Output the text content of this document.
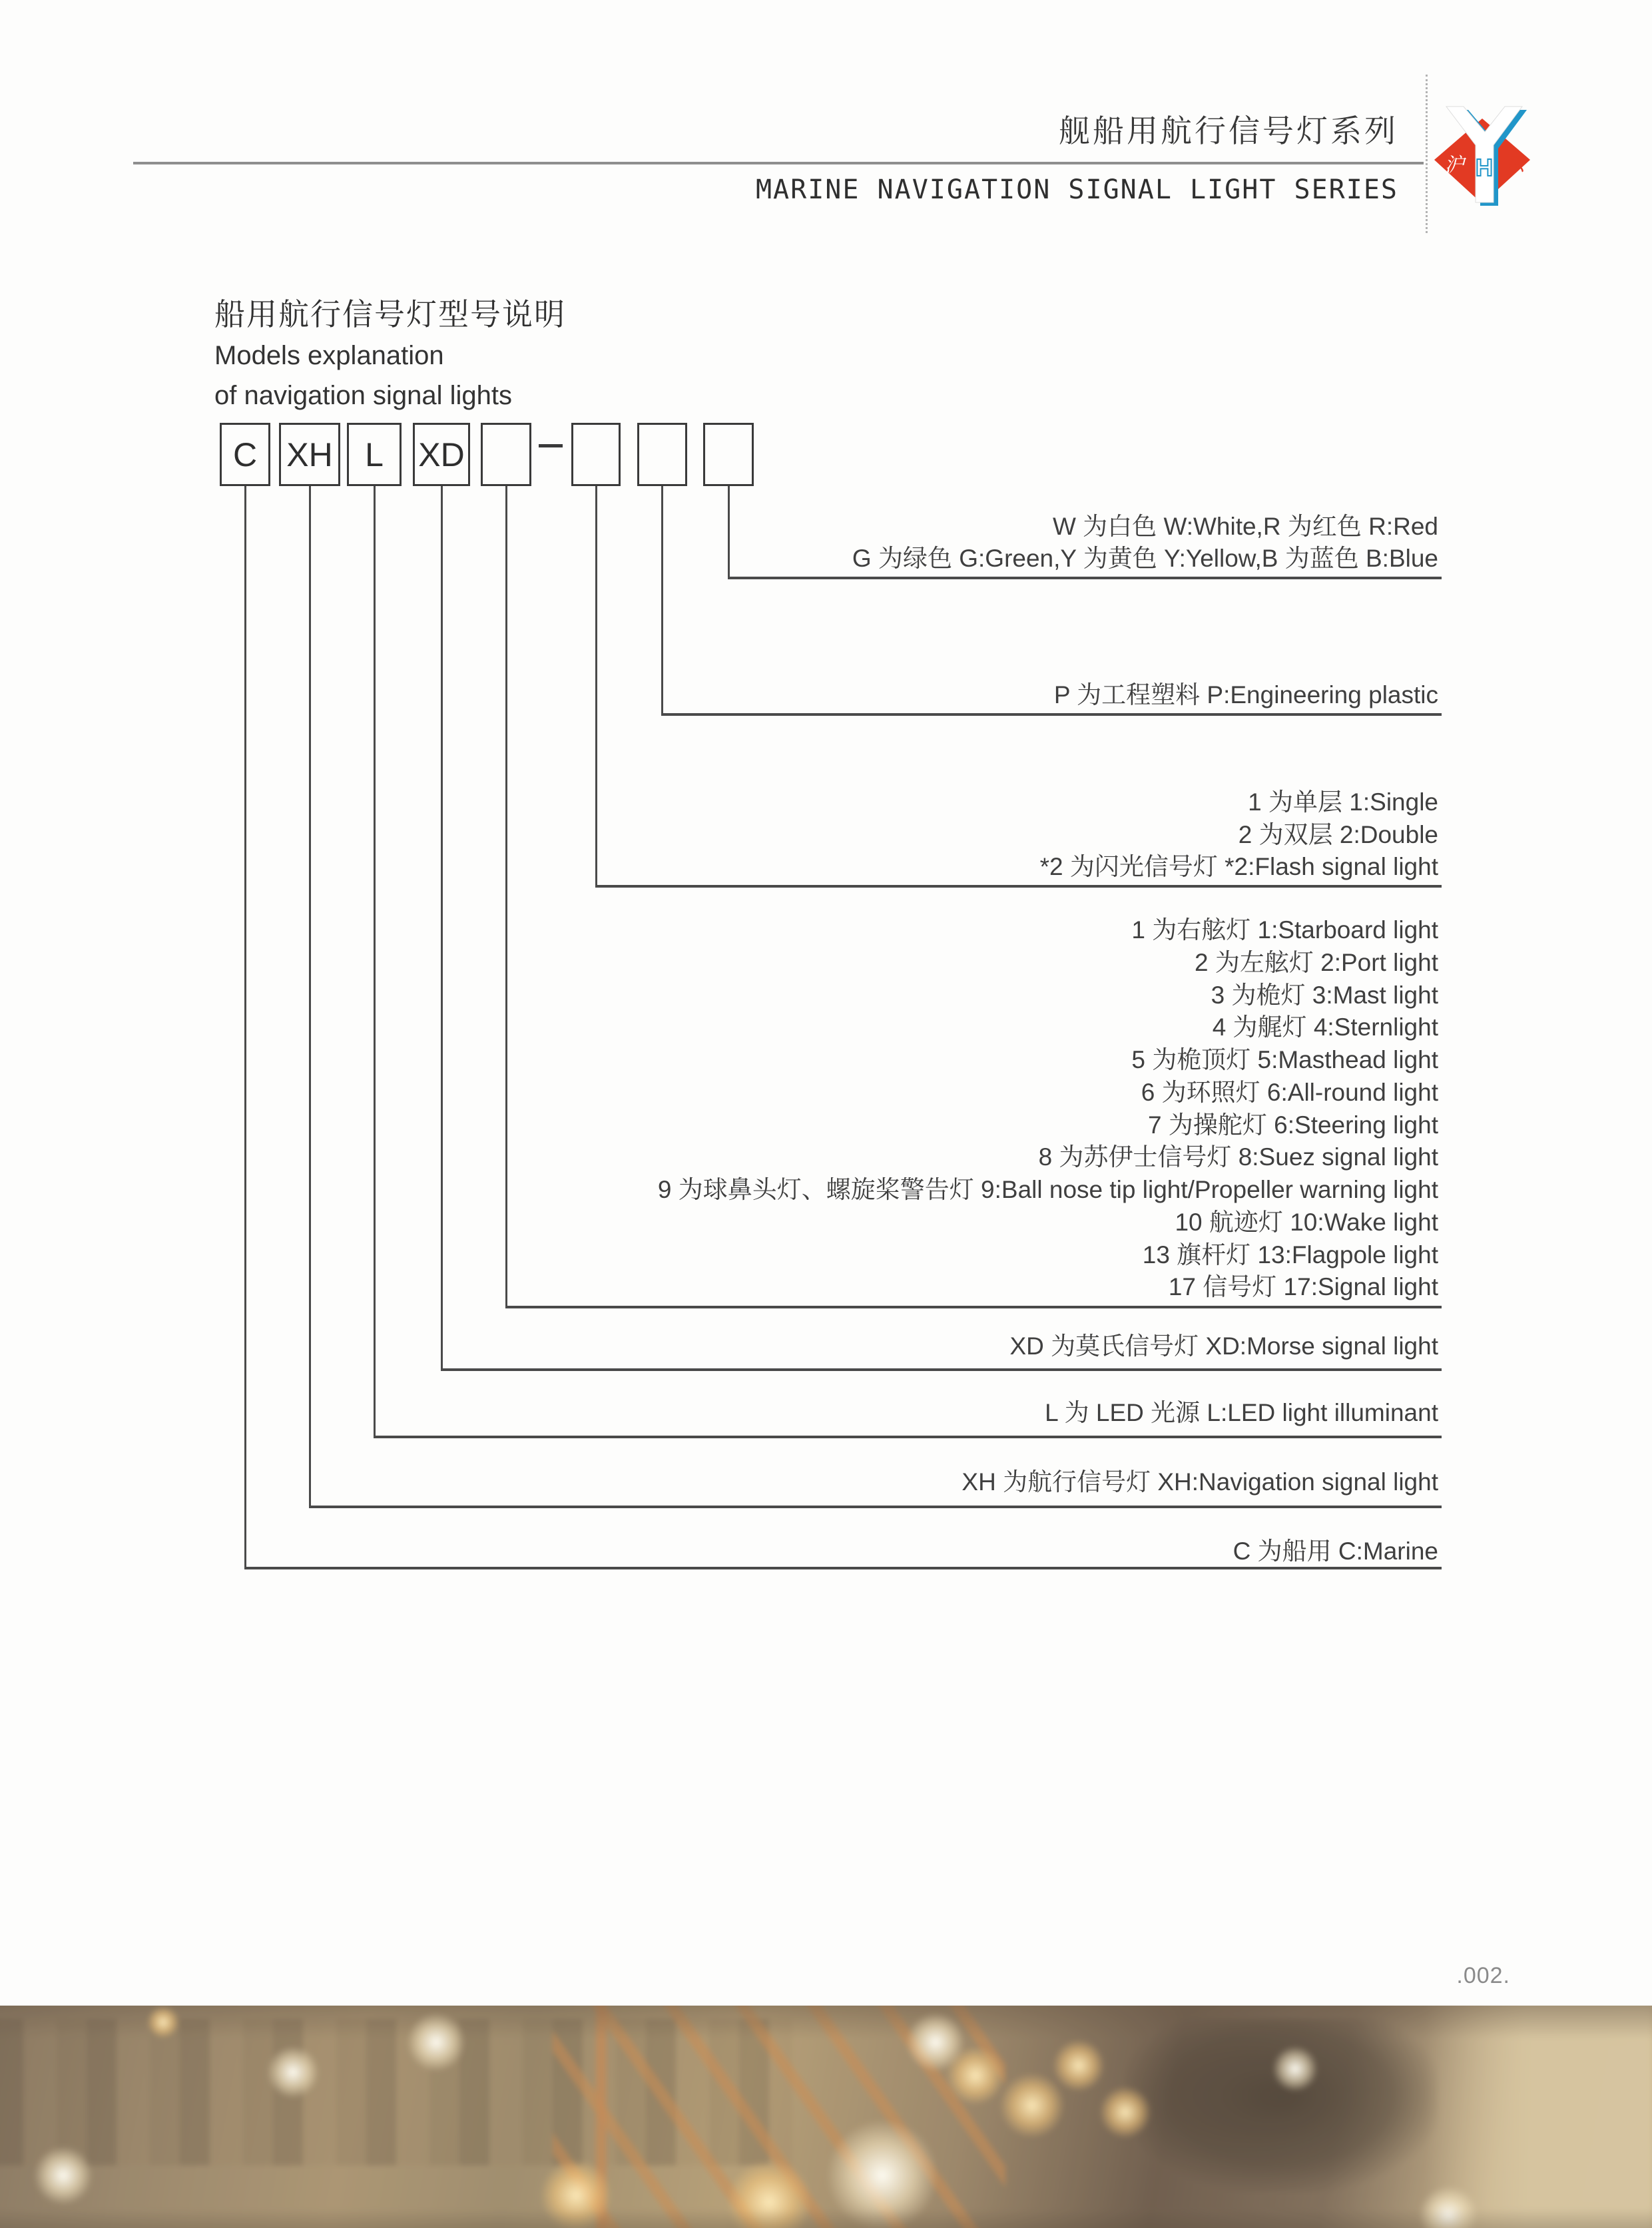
舰船用航行信号灯系列
MARINE NAVIGATION SIGNAL LIGHT SERIES
沪 H 乐
船用航行信号灯型号说明
Models explanation
of navigation signal lights
C XH L	XD
W 为白色 W:White,R 为红色 R:Red
G 为绿色 G:Green,Y 为黄色 Y:Yellow,B 为蓝色 B:Blue
P 为工程塑料 P:Engineering plastic
1 为单层 1:Single
2 为双层 2:Double
*2 为闪光信号灯 *2:Flash signal light
1 为右舷灯 1:Starboard light
2 为左舷灯 2:Port light
3 为桅灯 3:Mast light
4 为艉灯 4:Sternlight
5 为桅顶灯 5:Masthead light
6 为环照灯 6:All-round light
7 为操舵灯 6:Steering light
8 为苏伊士信号灯 8:Suez signal light
9 为球鼻头灯、螺旋桨警告灯 9:Ball nose tip light/Propeller warning light
10 航迹灯 10:Wake light
13 旗杆灯 13:Flagpole light
17 信号灯 17:Signal light
XD 为莫氏信号灯 XD:Morse signal light
L 为 LED 光源 L:LED light illuminant
XH 为航行信号灯 XH:Navigation signal light
C 为船用 C:Marine
.002.
